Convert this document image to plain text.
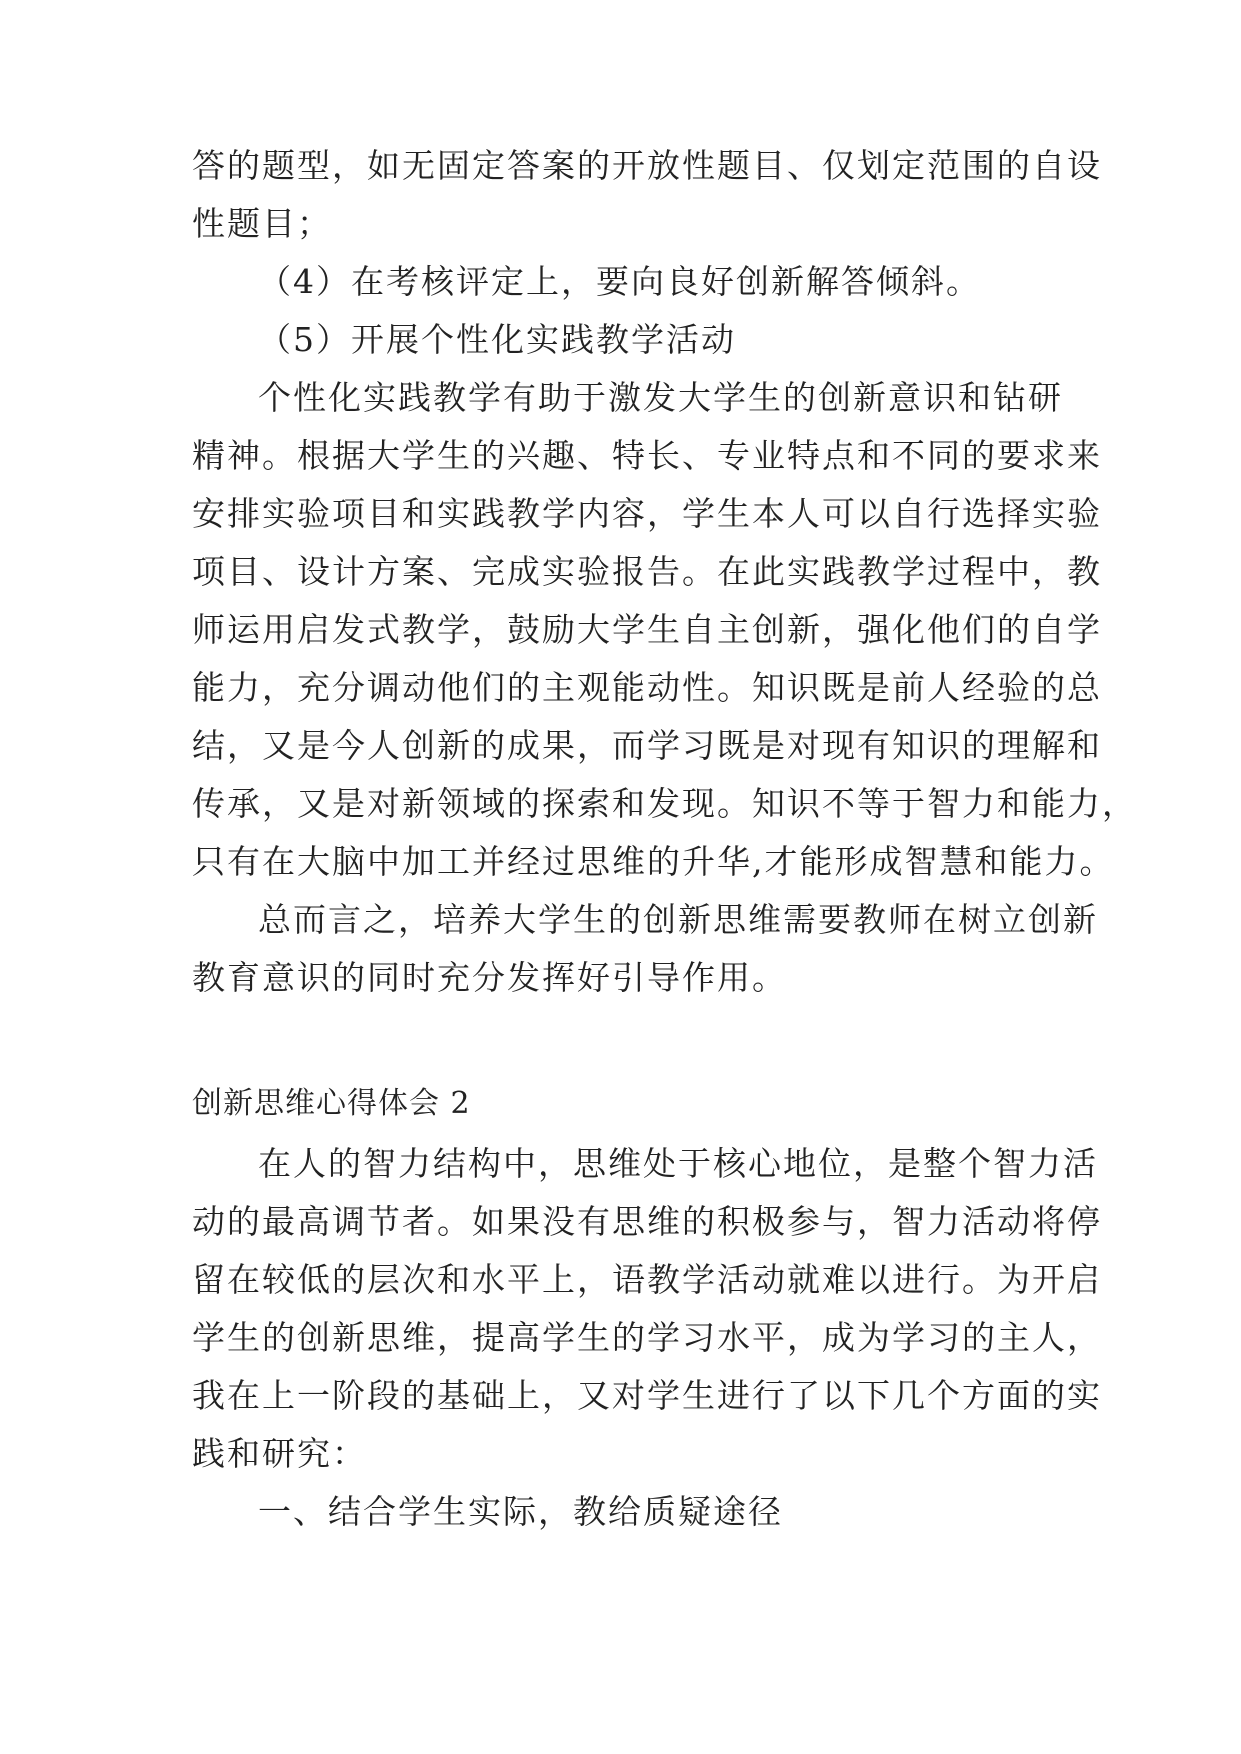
答的题型，如无固定答案的开放性题目、仅划定范围的自设
性题目；
（4）在考核评定上，要向良好创新解答倾斜。
（5）开展个性化实践教学活动
个性化实践教学有助于激发大学生的创新意识和钻研
精神。根据大学生的兴趣、特长、专业特点和不同的要求来
安排实验项目和实践教学内容，学生本人可以自行选择实验
项目、设计方案、完成实验报告。在此实践教学过程中，教
师运用启发式教学，鼓励大学生自主创新，强化他们的自学
能力，充分调动他们的主观能动性。知识既是前人经验的总
结，又是今人创新的成果，而学习既是对现有知识的理解和
传承，又是对新领域的探索和发现。知识不等于智力和能力，
只有在大脑中加工并经过思维的升华,才能形成智慧和能力。
总而言之，培养大学生的创新思维需要教师在树立创新
教育意识的同时充分发挥好引导作用。
创新思维心得体会 2
在人的智力结构中，思维处于核心地位，是整个智力活
动的最高调节者。如果没有思维的积极参与，智力活动将停
留在较低的层次和水平上，语教学活动就难以进行。为开启
学生的创新思维，提高学生的学习水平，成为学习的主人，
我在上一阶段的基础上，又对学生进行了以下几个方面的实
践和研究：
一、结合学生实际，教给质疑途径
